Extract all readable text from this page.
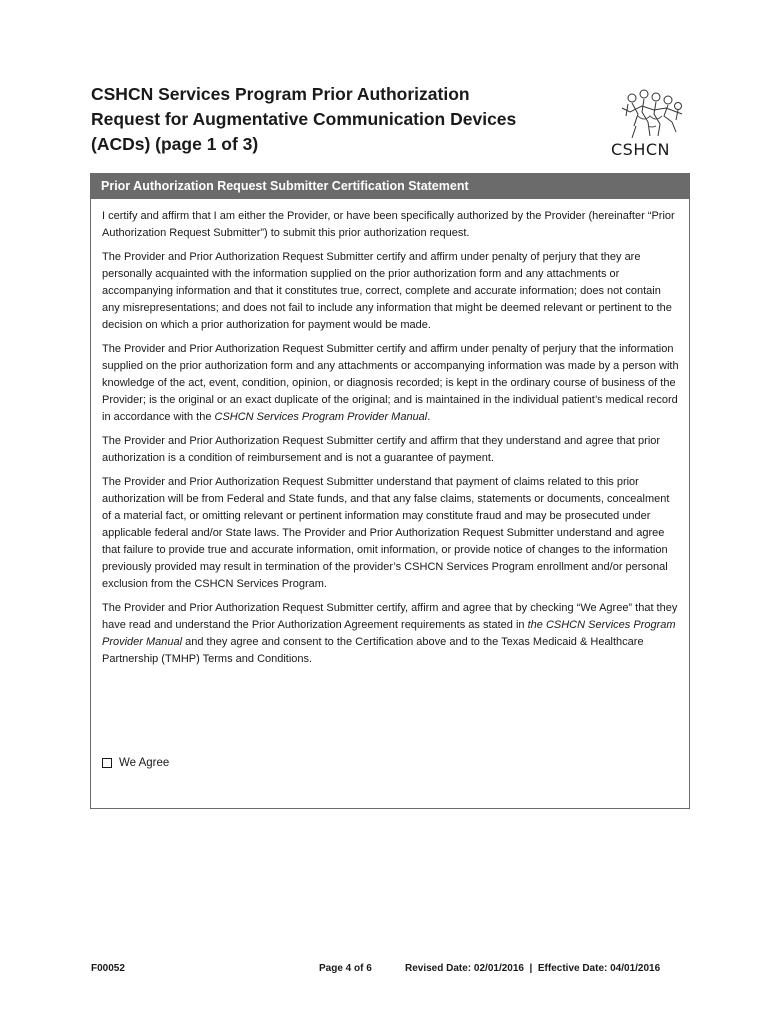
CSHCN Services Program Prior Authorization
Request for Augmentative Communication Devices
(ACDs) (page 1 of 3)	CSHCN
Prior Authorization Request Submitter Certification Statement

I certify and affirm that I am either the Provider, or have been specifically authorized by the Provider (hereinafter “Prior Authorization Request Submitter”) to submit this prior authorization request.

The Provider and Prior Authorization Request Submitter certify and affirm under penalty of perjury that they are personally acquainted with the information supplied on the prior authorization form and any attachments or accompanying information and that it constitutes true, correct, complete and accurate information; does not contain any misrepresentations; and does not fail to include any information that might be deemed relevant or pertinent to the decision on which a prior authorization for payment would be made.

The Provider and Prior Authorization Request Submitter certify and affirm under penalty of perjury that the information supplied on the prior authorization form and any attachments or accompanying information was made by a person with knowledge of the act, event, condition, opinion, or diagnosis recorded; is kept in the ordinary course of business of the Provider; is the original or an exact duplicate of the original; and is maintained in the individual patient’s medical record in accordance with the CSHCN Services Program Provider Manual.

The Provider and Prior Authorization Request Submitter certify and affirm that they understand and agree that prior authorization is a condition of reimbursement and is not a guarantee of payment.

The Provider and Prior Authorization Request Submitter understand that payment of claims related to this prior authorization will be from Federal and State funds, and that any false claims, statements or documents, concealment of a material fact, or omitting relevant or pertinent information may constitute fraud and may be prosecuted under applicable federal and/or State laws. The Provider and Prior Authorization Request Submitter understand and agree that failure to provide true and accurate information, omit information, or provide notice of changes to the information previously provided may result in termination of the provider’s CSHCN Services Program enrollment and/or personal exclusion from the CSHCN Services Program.

The Provider and Prior Authorization Request Submitter certify, affirm and agree that by checking “We Agree” that they have read and understand the Prior Authorization Agreement requirements as stated in the CSHCN Services Program Provider Manual and they agree and consent to the Certification above and to the Texas Medicaid & Healthcare Partnership (TMHP) Terms and Conditions.

We Agree
F00052	Page 4 of 6	Revised Date: 02/01/2016  |  Effective Date: 04/01/2016
